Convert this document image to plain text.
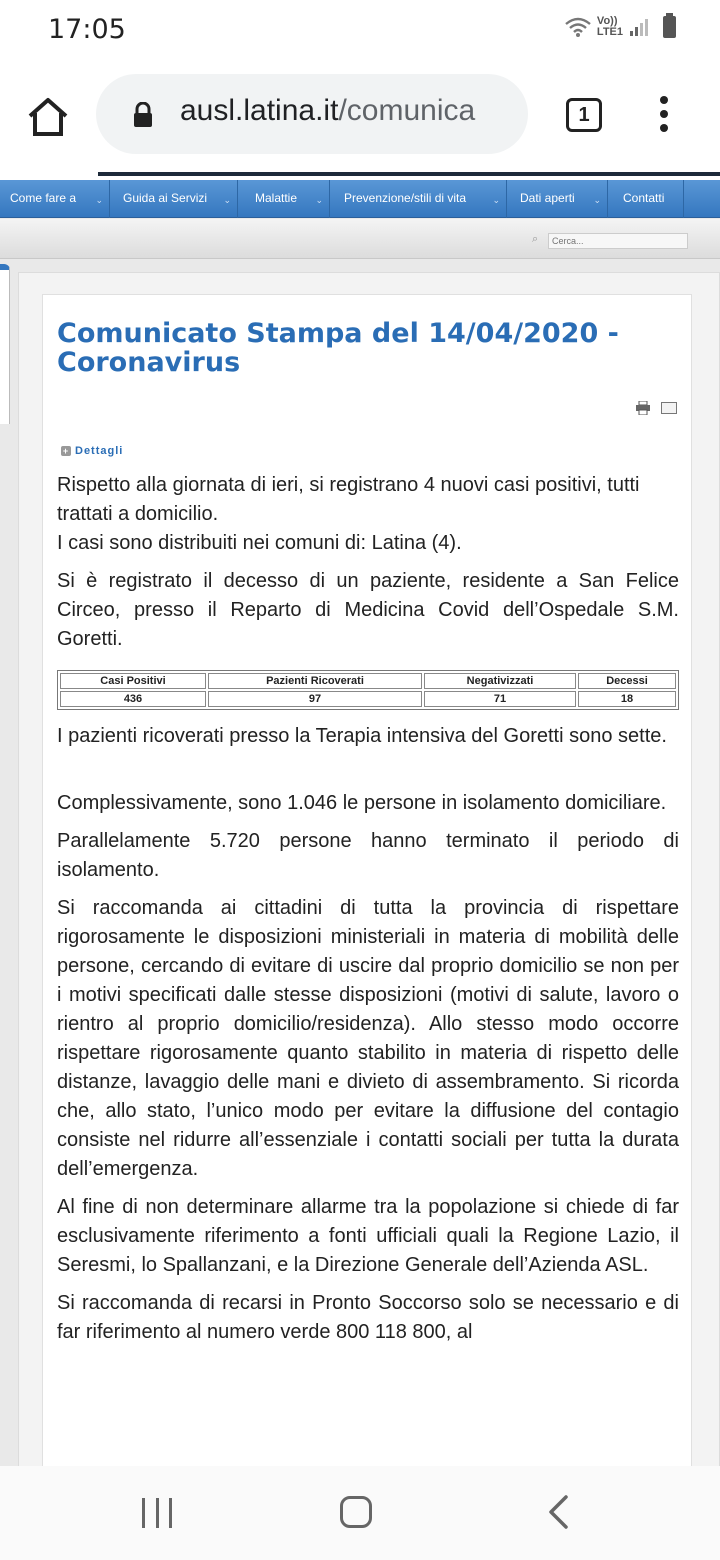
17:05	Vo))
LTE1
ausl.latina.it/comunica	1
Come fare a ⌄	Guida ai Servizi ⌄	Malattie ⌄	Prevenzione/stili di vita	⌄	Dati aperti ⌄	Contatti
⌕
Cerca...
Comunicato Stampa del 14/04/2020 - Coronavirus
+ Dettagli

Rispetto alla giornata di ieri, si registrano 4 nuovi casi positivi, tutti trattati a domicilio.
I casi sono distribuiti nei comuni di: Latina (4).

Si è registrato il decesso di un paziente, residente a San Felice Circeo, presso il Reparto di Medicina Covid dell’Ospedale S.M. Goretti.

Casi Positivi	Pazienti Ricoverati	Negativizzati	Decessi
436	97	71	18

I pazienti ricoverati presso la Terapia intensiva del Goretti sono sette.

Complessivamente, sono 1.046 le persone in isolamento domiciliare.

Parallelamente 5.720 persone hanno terminato il periodo di isolamento.

Si raccomanda ai cittadini di tutta la provincia di rispettare rigorosamente le disposizioni ministeriali in materia di mobilità delle persone, cercando di evitare di uscire dal proprio domicilio se non per i motivi specificati dalle stesse disposizioni (motivi di salute, lavoro o rientro al proprio domicilio/residenza). Allo stesso modo occorre rispettare rigorosamente quanto stabilito in materia di rispetto delle distanze, lavaggio delle mani e divieto di assembramento. Si ricorda che, allo stato, l’unico modo per evitare la diffusione del contagio consiste nel ridurre all’essenziale i contatti sociali per tutta la durata dell’emergenza.

Al fine di non determinare allarme tra la popolazione si chiede di far esclusivamente riferimento a fonti ufficiali quali la Regione Lazio, il Seresmi, lo Spallanzani, e la Direzione Generale dell’Azienda ASL.

Si raccomanda di recarsi in Pronto Soccorso solo se necessario e di far riferimento al numero verde 800 118 800, al
